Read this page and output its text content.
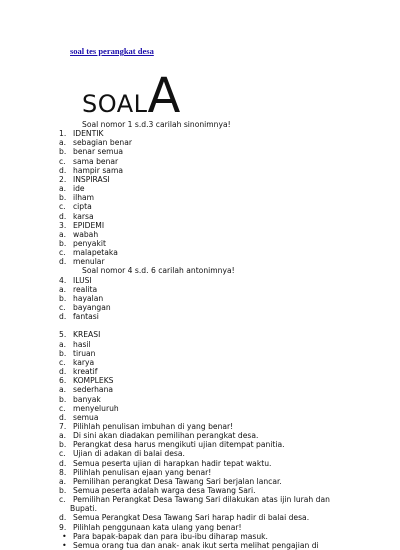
soal tes perangkat desa
SOALA
Soal nomor 1 s.d.3 carilah sinonimnya!
1. IDENTIK
a. sebagian benar
b. benar semua
c. sama benar
d. hampir sama
2. INSPIRASI
a. ide
b. ilham
c. cipta
d. karsa
3. EPIDEMI
a. wabah
b. penyakit
c. malapetaka
d. menular
Soal nomor 4 s.d. 6 carilah antonimnya!
4. ILUSI
a. realita
b. hayalan
c. bayangan
d. fantasi
5. KREASI
a. hasil
b. tiruan
c. karya
d. kreatif
6. KOMPLEKS
a. sederhana
b. banyak
c. menyeluruh
d. semua
7. Pilihlah penulisan imbuhan di yang benar!
a. Di sini akan diadakan pemilihan perangkat desa.
b. Perangkat desa harus mengikuti ujian ditempat panitia.
c. Ujian di adakan di balai desa.
d. Semua peserta ujian di harapkan hadir tepat waktu.
8. Pilihlah penulisan ejaan yang benar!
a. Pemilihan perangkat Desa Tawang Sari berjalan lancar.
b. Semua peserta adalah warga desa Tawang Sari.
c. Pemilihan Perangkat Desa Tawang Sari dilakukan atas ijin lurah dan
Bupati.
d. Semua Perangkat Desa Tawang Sari harap hadir di balai desa.
9. Pilihlah penggunaan kata ulang yang benar!
• Para bapak-bapak dan para ibu-ibu diharap masuk.
• Semua orang tua dan anak- anak ikut serta melihat pengajian di
